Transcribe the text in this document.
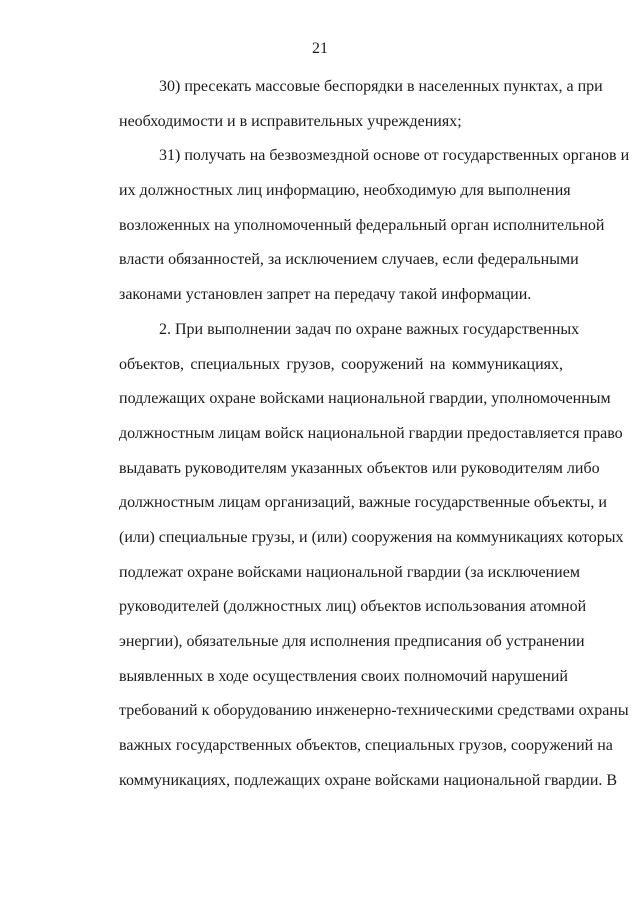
21
30) пресекать массовые беспорядки в населенных пунктах, а при
необходимости и в исправительных учреждениях;
31) получать на безвозмездной основе от государственных органов и
их должностных лиц информацию, необходимую для выполнения
возложенных на уполномоченный федеральный орган исполнительной
власти обязанностей, за исключением случаев, если федеральными
законами установлен запрет на передачу такой информации.
2. При выполнении задач по охране важных государственных
объектов, специальных грузов, сооружений на коммуникациях,
подлежащих охране войсками национальной гвардии, уполномоченным
должностным лицам войск национальной гвардии предоставляется право
выдавать руководителям указанных объектов или руководителям либо
должностным лицам организаций, важные государственные объекты, и
(или) специальные грузы, и (или) сооружения на коммуникациях которых
подлежат охране войсками национальной гвардии (за исключением
руководителей (должностных лиц) объектов использования атомной
энергии), обязательные для исполнения предписания об устранении
выявленных в ходе осуществления своих полномочий нарушений
требований к оборудованию инженерно-техническими средствами охраны
важных государственных объектов, специальных грузов, сооружений на
коммуникациях, подлежащих охране войсками национальной гвардии. В
